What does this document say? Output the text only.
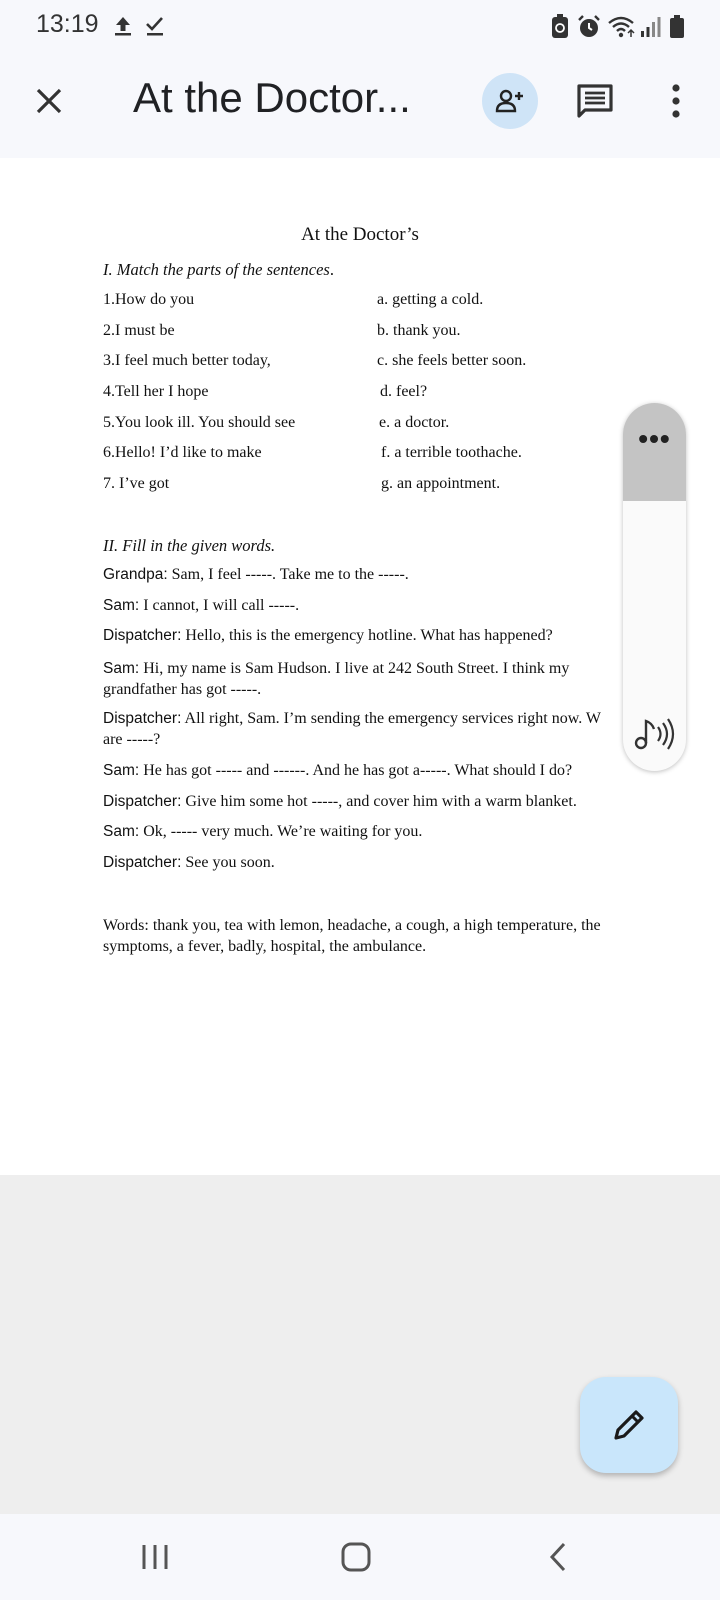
13:19
At the Doctor...
At the Doctor’s
I. Match the parts of the sentences.
1.How do you	a. getting a cold.
2.I must be	b. thank you.
3.I feel much better today,	c. she feels better soon.
4.Tell her I hope	d. feel?
5.You look ill. You should see	e. a doctor.
6.Hello! I’d like to make	f. a terrible toothache.
7. I’ve got	g. an appointment.
II. Fill in the given words.
Grandpa: Sam, I feel -----. Take me to the -----.
Sam: I cannot, I will call -----.
Dispatcher: Hello, this is the emergency hotline. What has happened?
Sam: Hi, my name is Sam Hudson. I live at 242 South Street. I think my grandfather has got -----.
Dispatcher: All right, Sam. I’m sending the emergency services right now. W
are -----?
Sam: He has got ----- and ------. And he has got a-----. What should I do?
Dispatcher: Give him some hot -----, and cover him with a warm blanket.
Sam: Ok, ----- very much. We’re waiting for you.
Dispatcher: See you soon.
Words: thank you, tea with lemon, headache, a cough, a high temperature, the symptoms, a fever, badly, hospital, the ambulance.
•••
